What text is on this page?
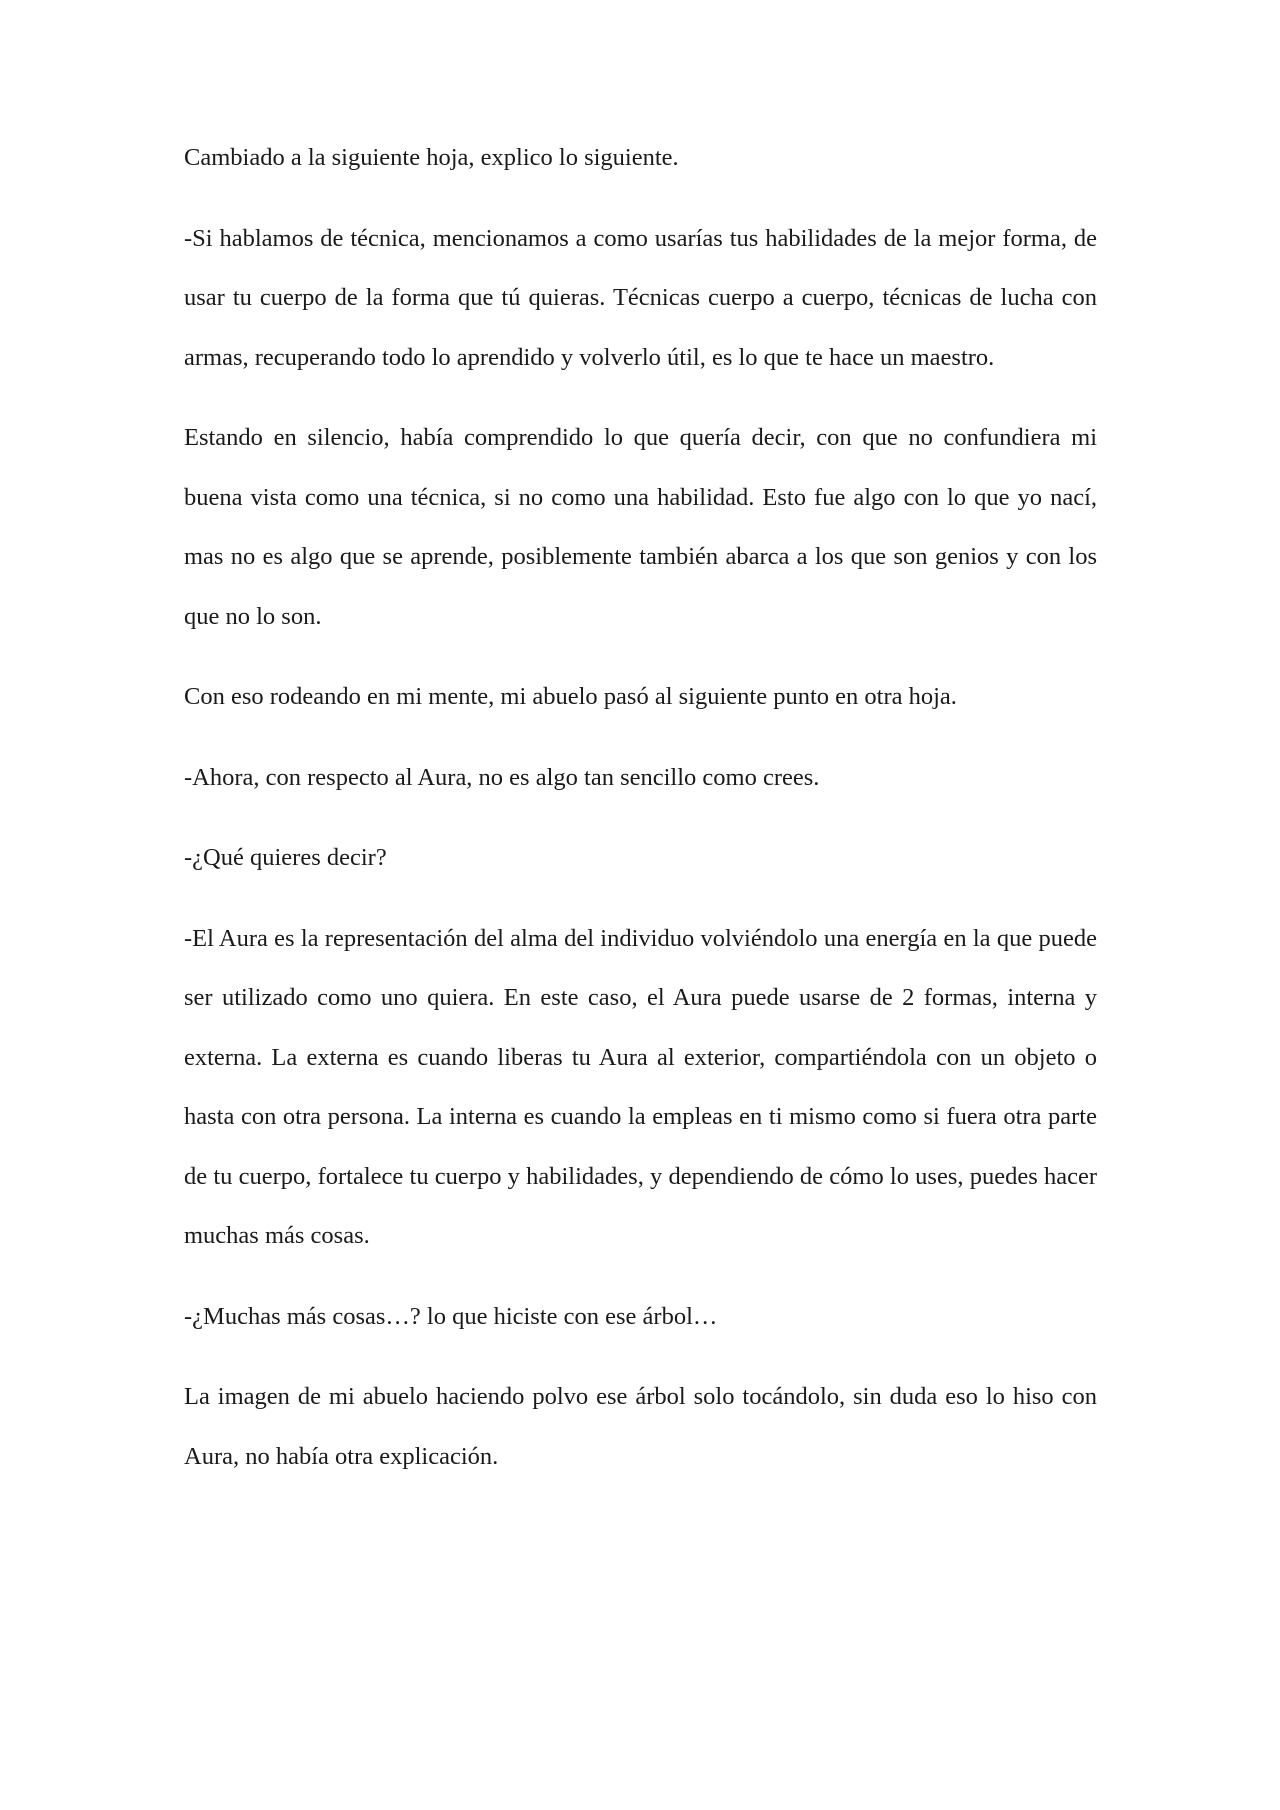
Cambiado a la siguiente hoja, explico lo siguiente.

-Si hablamos de técnica, mencionamos a como usarías tus habilidades de la mejor forma, de usar tu cuerpo de la forma que tú quieras. Técnicas cuerpo a cuerpo, técnicas de lucha con armas, recuperando todo lo aprendido y volverlo útil, es lo que te hace un maestro.

Estando en silencio, había comprendido lo que quería decir, con que no confundiera mi buena vista como una técnica, si no como una habilidad. Esto fue algo con lo que yo nací, mas no es algo que se aprende, posiblemente también abarca a los que son genios y con los que no lo son.

Con eso rodeando en mi mente, mi abuelo pasó al siguiente punto en otra hoja.

-Ahora, con respecto al Aura, no es algo tan sencillo como crees.

-¿Qué quieres decir?

-El Aura es la representación del alma del individuo volviéndolo una energía en la que puede ser utilizado como uno quiera. En este caso, el Aura puede usarse de 2 formas, interna y externa. La externa es cuando liberas tu Aura al exterior, compartiéndola con un objeto o hasta con otra persona. La interna es cuando la empleas en ti mismo como si fuera otra parte de tu cuerpo, fortalece tu cuerpo y habilidades, y dependiendo de cómo lo uses, puedes hacer muchas más cosas.

-¿Muchas más cosas…? lo que hiciste con ese árbol…

La imagen de mi abuelo haciendo polvo ese árbol solo tocándolo, sin duda eso lo hiso con Aura, no había otra explicación.
